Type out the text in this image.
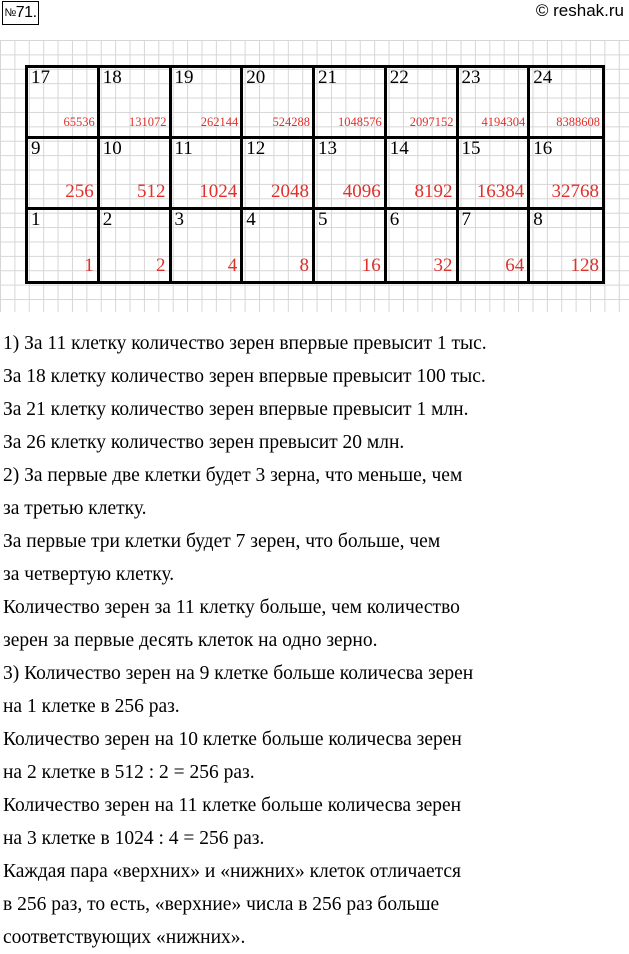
№71.	© reshak.ru
17
65536
18
131072
19
262144
20
524288
21
1048576
22
2097152
23
4194304
24
8388608
9
256
10
512
11
1024
12
2048
13
4096
14
8192
15
16384
16
32768
1
1
2
2
3
4
4
8
5
16
6
32
7
64
8
128

1) За 11 клетку количество зерен впервые превысит 1 тыс.

За 18 клетку количество зерен впервые превысит 100 тыс.

За 21 клетку количество зерен впервые превысит 1 млн.

За 26 клетку количество зерен превысит 20 млн.

2) За первые две клетки будет 3 зерна, что меньше, чем

за третью клетку.

За первые три клетки будет 7 зерен, что больше, чем

за четвертую клетку.

Количество зерен за 11 клетку больше, чем количество

зерен за первые десять клеток на одно зерно.

3) Количество зерен на 9 клетке больше количесва зерен

на 1 клетке в 256 раз.

Количество зерен на 10 клетке больше количесва зерен

на 2 клетке в 512 : 2 = 256 раз.

Количество зерен на 11 клетке больше количесва зерен

на 3 клетке в 1024 : 4 = 256 раз.

Каждая пара «верхних» и «нижних» клеток отличается

в 256 раз, то есть, «верхние» числа в 256 раз больше

соответствующих «нижних».
